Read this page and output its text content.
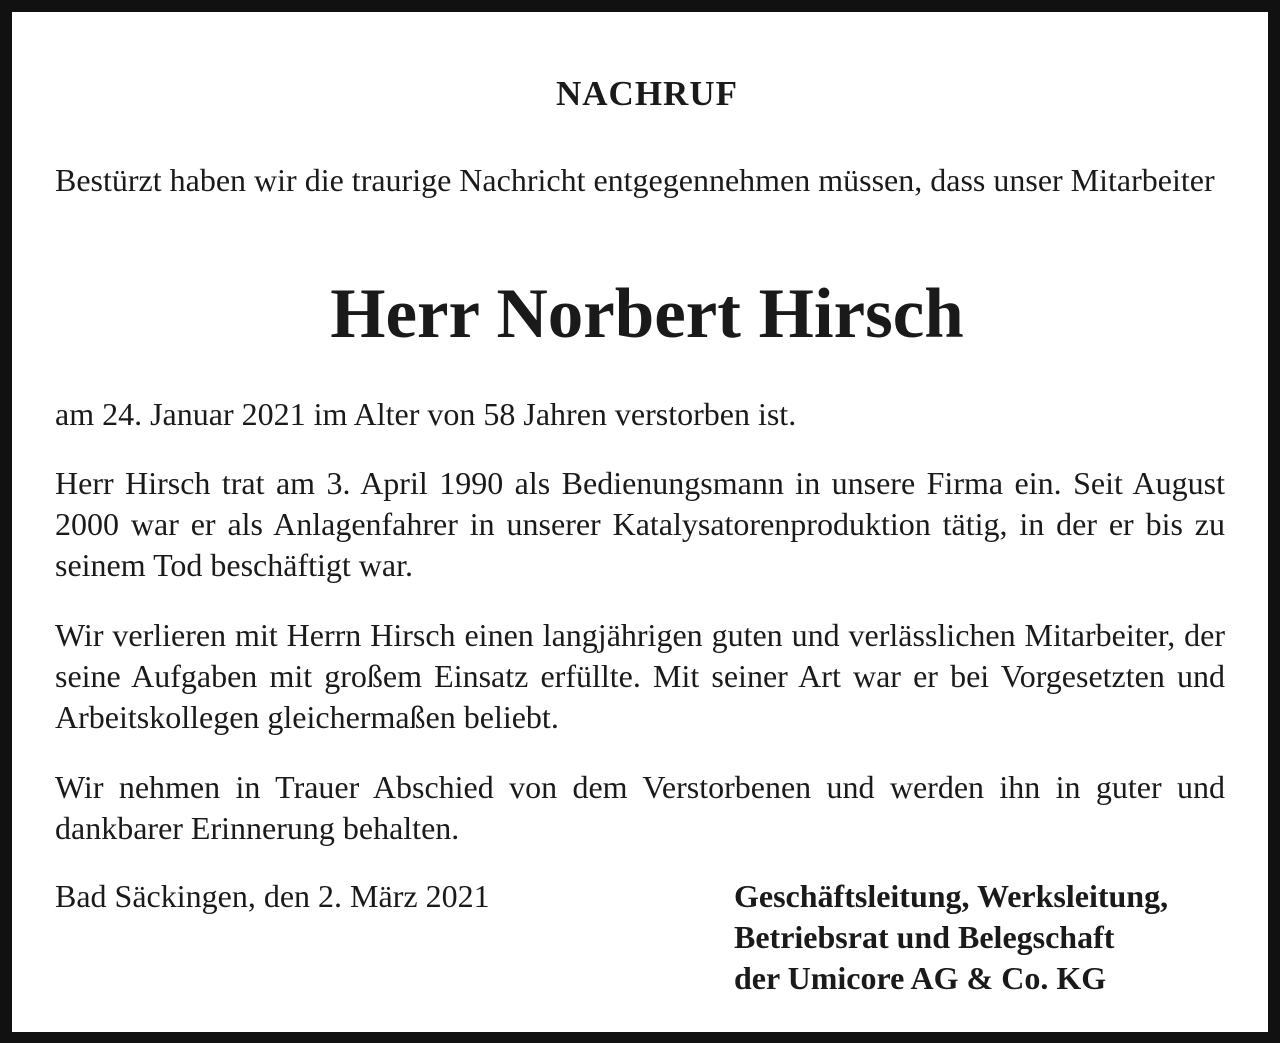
NACHRUF

Bestürzt haben wir die traurige Nachricht entgegennehmen müssen, dass unser Mitarbeiter

Herr Norbert Hirsch

am 24. Januar 2021 im Alter von 58 Jahren verstorben ist.

Herr Hirsch trat am 3. April 1990 als Bedienungsmann in unsere Firma ein. Seit August 2000 war er als Anlagenfahrer in unserer Katalysatorenproduktion tätig, in der er bis zu seinem Tod beschäftigt war.

Wir verlieren mit Herrn Hirsch einen langjährigen guten und verlässlichen Mitarbeiter, der seine Aufgaben mit großem Einsatz erfüllte. Mit seiner Art war er bei Vorgesetzten und Arbeitskollegen gleichermaßen beliebt.

Wir nehmen in Trauer Abschied von dem Verstorbenen und werden ihn in guter und dankbarer Erinnerung behalten.

Bad Säckingen, den 2. März 2021	Geschäftsleitung, Werksleitung,
Betriebsrat und Belegschaft
der Umicore AG & Co. KG
